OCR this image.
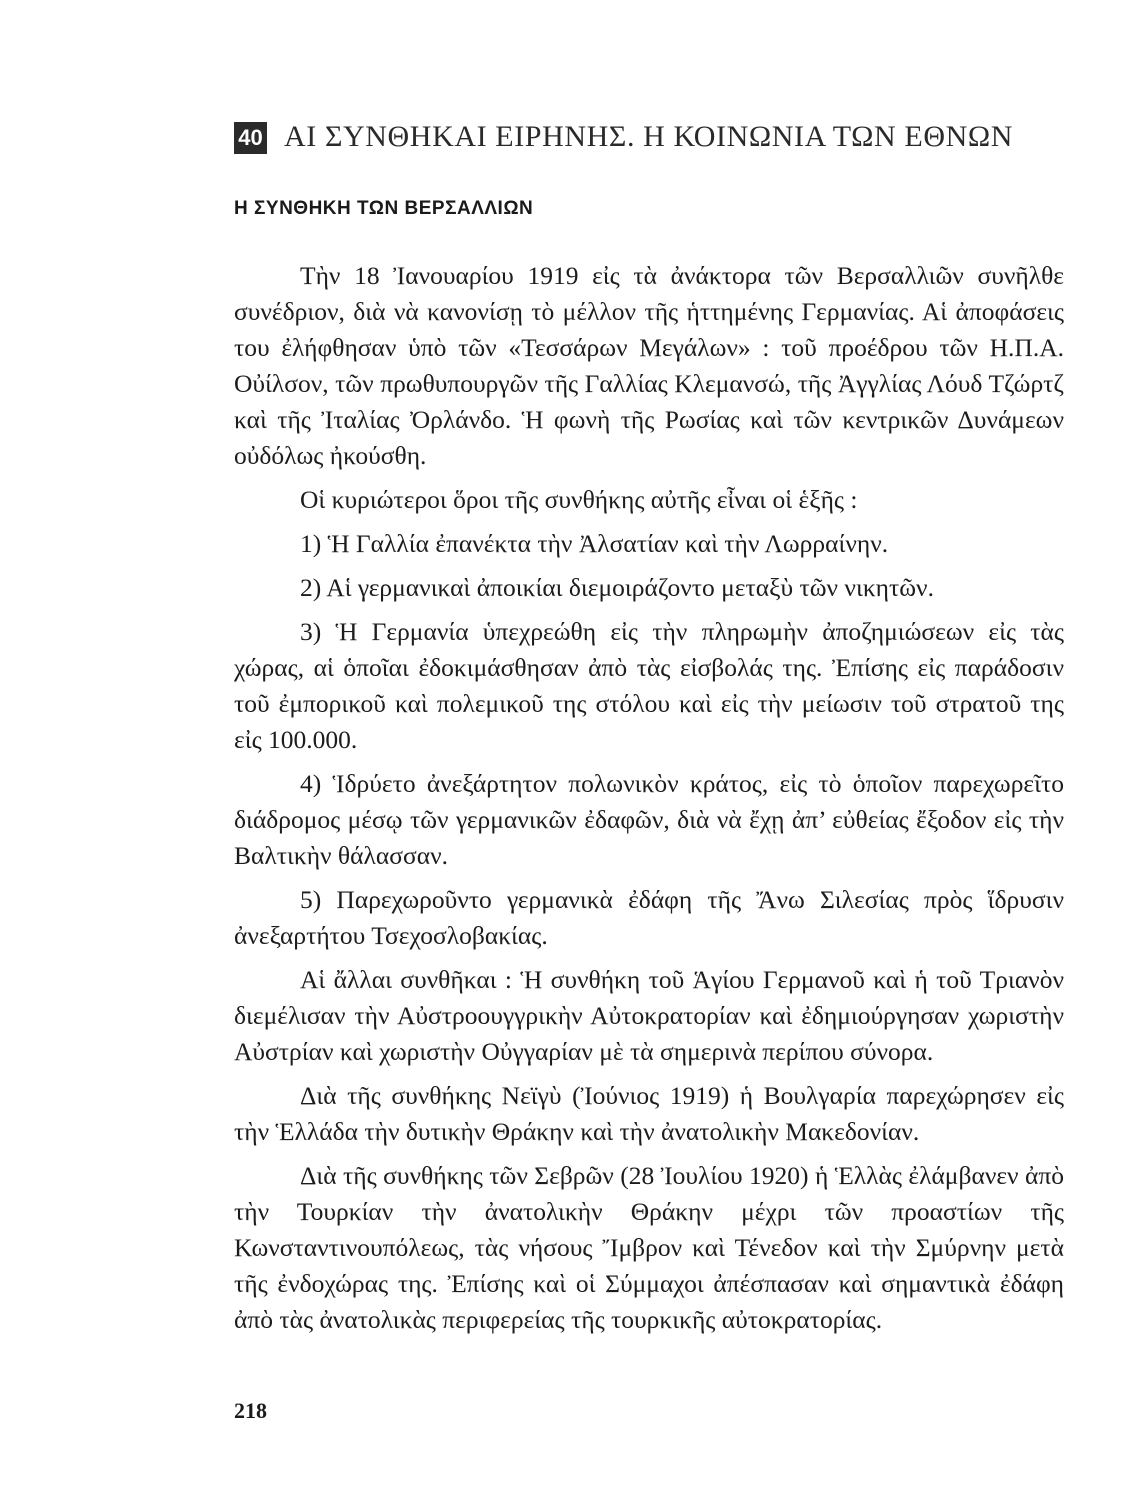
40 ΑΙ ΣΥΝΘΗΚΑΙ ΕΙΡΗΝΗΣ. Η ΚΟΙΝΩΝΙΑ ΤΩΝ ΕΘΝΩΝ
Η ΣΥΝΘΗΚΗ ΤΩΝ ΒΕΡΣΑΛΛΙΩΝ

Τὴν 18 Ἰανουαρίου 1919 εἰς τὰ ἀνάκτορα τῶν Βερσαλλιῶν συνῆλθε συνέδριον, διὰ νὰ κανονίσῃ τὸ μέλλον τῆς ἡττημένης Γερμανίας. Αἱ ἀποφάσεις του ἐλήφθησαν ὑπὸ τῶν «Τεσσάρων Μεγάλων» : τοῦ προέδρου τῶν Η.Π.Α. Οὐίλσον, τῶν πρωθυπουργῶν τῆς Γαλλίας Κλεμανσώ, τῆς Ἀγγλίας Λόυδ Τζώρτζ καὶ τῆς Ἰταλίας Ὀρλάνδο. Ἡ φωνὴ τῆς Ρωσίας καὶ τῶν κεντρικῶν Δυνάμεων οὐδόλως ἠκούσθη.

Οἱ κυριώτεροι ὅροι τῆς συνθήκης αὐτῆς εἶναι οἱ ἑξῆς :

1) Ἡ Γαλλία ἐπανέκτα τὴν Ἀλσατίαν καὶ τὴν Λωρραίνην.

2) Αἱ γερμανικαὶ ἀποικίαι διεμοιράζοντο μεταξὺ τῶν νικητῶν.

3) Ἡ Γερμανία ὑπεχρεώθη εἰς τὴν πληρωμὴν ἀποζημιώσεων εἰς τὰς χώρας, αἱ ὁποῖαι ἐδοκιμάσθησαν ἀπὸ τὰς εἰσβολάς της. Ἐπίσης εἰς παράδοσιν τοῦ ἐμπορικοῦ καὶ πολεμικοῦ της στόλου καὶ εἰς τὴν μείωσιν τοῦ στρατοῦ της εἰς 100.000.

4) Ἱδρύετο ἀνεξάρτητον πολωνικὸν κράτος, εἰς τὸ ὁποῖον παρεχωρεῖτο διάδρομος μέσῳ τῶν γερμανικῶν ἐδαφῶν, διὰ νὰ ἔχῃ ἀπ’ εὐθείας ἔξοδον εἰς τὴν Βαλτικὴν θάλασσαν.

5) Παρεχωροῦντο γερμανικὰ ἐδάφη τῆς Ἄνω Σιλεσίας πρὸς ἵδρυσιν ἀνεξαρτήτου Τσεχοσλοβακίας.

Αἱ ἄλλαι συνθῆκαι : Ἡ συνθήκη τοῦ Ἁγίου Γερμανοῦ καὶ ἡ τοῦ Τριανὸν διεμέλισαν τὴν Αὐστροουγγρικὴν Αὐτοκρατορίαν καὶ ἐδημιούργησαν χωριστὴν Αὐστρίαν καὶ χωριστὴν Οὐγγαρίαν μὲ τὰ σημερινὰ περίπου σύνορα.

Διὰ τῆς συνθήκης Νεϊγὺ (Ἰούνιος 1919) ἡ Βουλγαρία παρεχώρησεν εἰς τὴν Ἑλλάδα τὴν δυτικὴν Θράκην καὶ τὴν ἀνατολικὴν Μακεδονίαν.

Διὰ τῆς συνθήκης τῶν Σεβρῶν (28 Ἰουλίου 1920) ἡ Ἑλλὰς ἐλάμβανεν ἀπὸ τὴν Τουρκίαν τὴν ἀνατολικὴν Θράκην μέχρι τῶν προαστίων τῆς Κωνσταντινουπόλεως, τὰς νήσους Ἴμβρον καὶ Τένεδον καὶ τὴν Σμύρνην μετὰ τῆς ἐνδοχώρας της. Ἐπίσης καὶ οἱ Σύμμαχοι ἀπέσπασαν καὶ σημαντικὰ ἐδάφη ἀπὸ τὰς ἀνατολικὰς περιφερείας τῆς τουρκικῆς αὐτοκρατορίας.

218
